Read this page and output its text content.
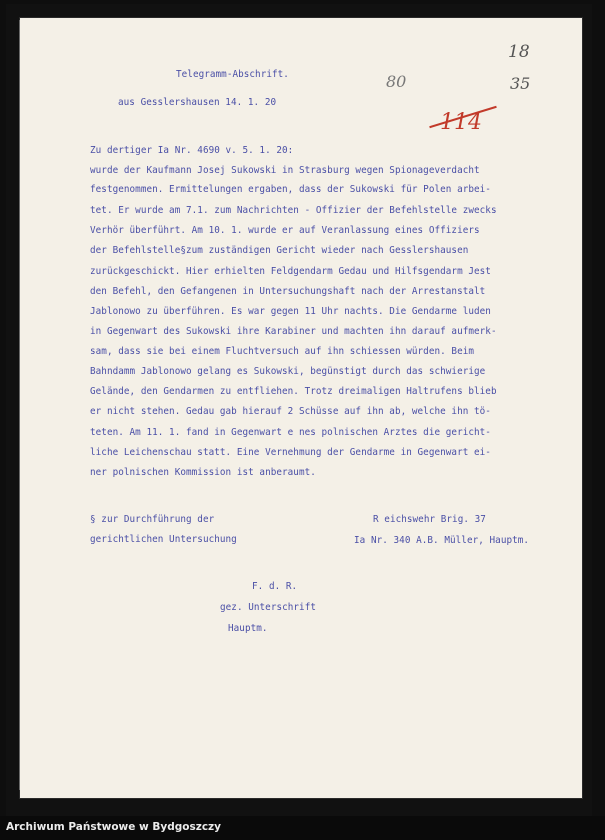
Telegramm-Abschrift.
aus Gesslershausen 14. 1. 20
18
35
80
114
Zu dertiger Ia Nr. 4690 v. 5. 1. 20:
wurde der Kaufmann Josej Sukowski in Strasburg wegen Spionageverdacht
festgenommen. Ermittelungen ergaben, dass der Sukowski für Polen arbei-
tet. Er wurde am 7.1. zum Nachrichten - Offizier der Befehlstelle zwecks
Verhör überführt. Am 10. 1. wurde er auf Veranlassung eines Offiziers
der Befehlstelle§zum zuständigen Gericht wieder nach Gesslershausen
zurückgeschickt. Hier erhielten Feldgendarm Gedau und Hilfsgendarm Jest
den Befehl, den Gefangenen in Untersuchungshaft nach der Arrestanstalt
Jablonowo zu überführen. Es war gegen 11 Uhr nachts. Die Gendarme luden
in Gegenwart des Sukowski ihre Karabiner und machten ihn darauf aufmerk-
sam, dass sie bei einem Fluchtversuch auf ihn schiessen würden. Beim
Bahndamm Jablonowo gelang es Sukowski, begünstigt durch das schwierige
Gelände, den Gendarmen zu entfliehen. Trotz dreimaligen Haltrufens blieb
er nicht stehen. Gedau gab hierauf 2 Schüsse auf ihn ab, welche ihn tö-
teten. Am 11. 1. fand in Gegenwart e nes polnischen Arztes die gericht-
liche Leichenschau statt. Eine Vernehmung der Gendarme in Gegenwart ei-
ner polnischen Kommission ist anberaumt.
§ zur Durchführung der
gerichtlichen Untersuchung
R eichswehr Brig. 37
Ia Nr. 340 A.B. Müller, Hauptm.
F. d. R.
gez. Unterschrift
Hauptm.
Archiwum Państwowe w Bydgoszczy
